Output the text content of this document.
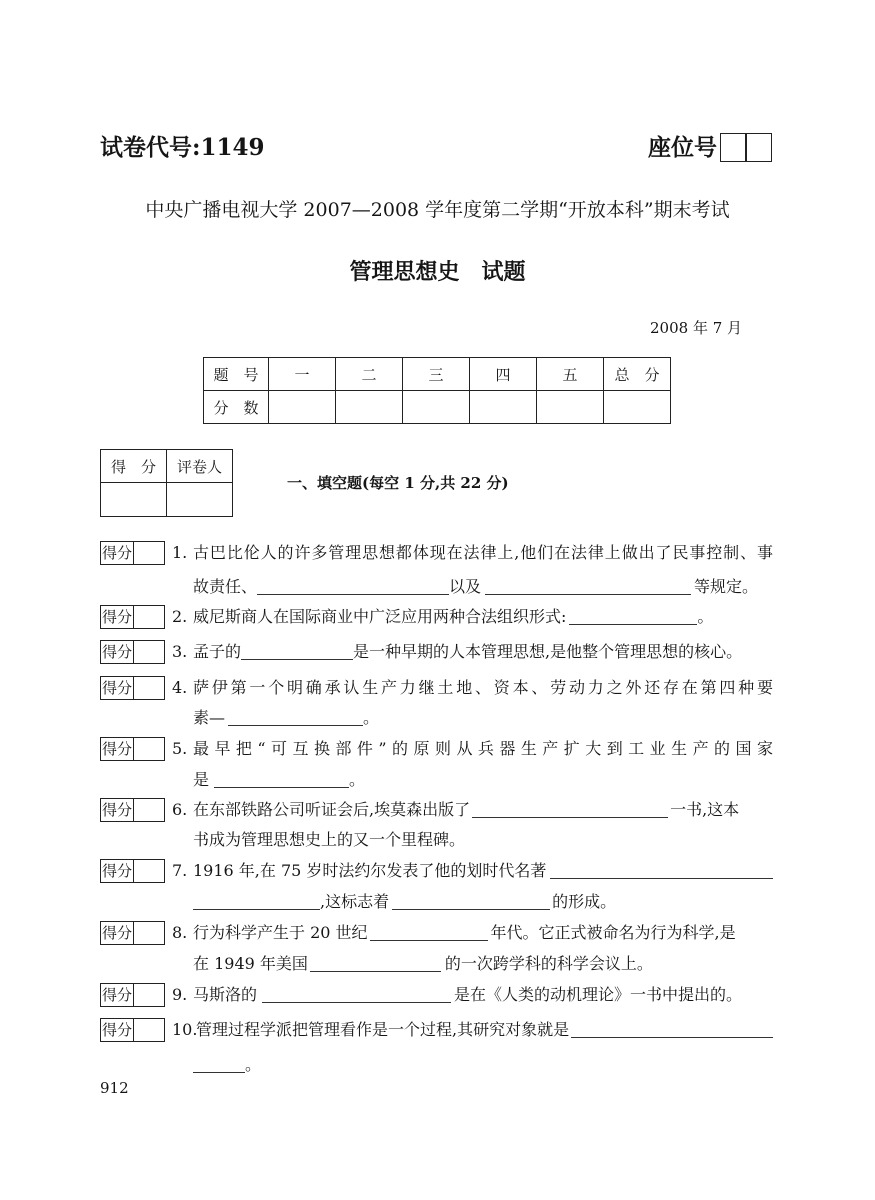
试卷代号:1149	座位号
中央广播电视大学 2007—2008 学年度第二学期“开放本科”期末考试
管理思想史　试题
2008 年 7 月
题　号	一	二	三	四	五	总　分
分　数						
得　分	评卷人

一、填空题(每空 1 分,共 22 分)
得分	1. 古巴比伦人的许多管理思想都体现在法律上,他们在法律上做出了民事控制、事
故责任、	以及	等规定。
得分	2. 威尼斯商人在国际商业中广泛应用两种合法组织形式:	。
得分	3. 孟子的	是一种早期的人本管理思想,是他整个管理思想的核心。
得分	4. 萨伊第一个明确承认生产力继土地、资本、劳动力之外还存在第四种要
素—	。
得分	5. 最早把“可互换部件”的原则从兵器生产扩大到工业生产的国家
是	。
得分	6. 在东部铁路公司听证会后,埃莫森出版了	一书,这本
书成为管理思想史上的又一个里程碑。
得分	7. 1916 年,在 75 岁时法约尔发表了他的划时代名著
,这标志着	的形成。
得分	8. 行为科学产生于 20 世纪	年代。它正式被命名为行为科学,是
在 1949 年美国	的一次跨学科的科学会议上。
得分	9. 马斯洛的	是在《人类的动机理论》一书中提出的。
得分	10.
管理过程学派把管理看作是一个过程,其研究对象就是
。
912
